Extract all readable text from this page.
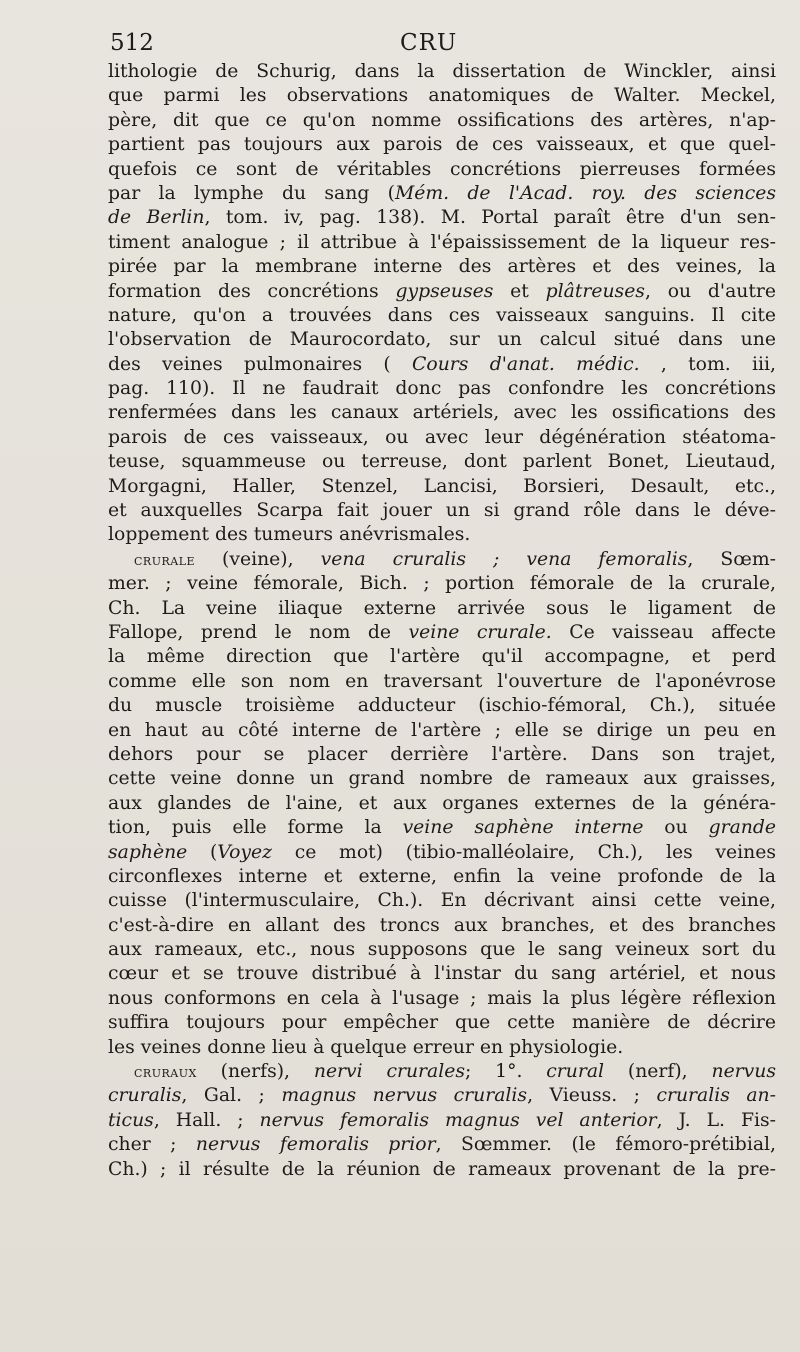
512	CRU
lithologie de Schurig, dans la dissertation de Winckler, ainsi
que parmi les observations anatomiques de Walter. Meckel,
père, dit que ce qu'on nomme ossifications des artères, n'ap-
partient pas toujours aux parois de ces vaisseaux, et que quel-
quefois ce sont de véritables concrétions pierreuses formées
par la lymphe du sang (Mém. de l'Acad. roy. des sciences
de Berlin, tom. iv, pag. 138). M. Portal paraît être d'un sen-
timent analogue ; il attribue à l'épaississement de la liqueur res-
pirée par la membrane interne des artères et des veines, la
formation des concrétions gypseuses et plâtreuses, ou d'autre
nature, qu'on a trouvées dans ces vaisseaux sanguins. Il cite
l'observation de Maurocordato, sur un calcul situé dans une
des veines pulmonaires ( Cours d'anat. médic. , tom. iii,
pag. 110). Il ne faudrait donc pas confondre les concrétions
renfermées dans les canaux artériels, avec les ossifications des
parois de ces vaisseaux, ou avec leur dégénération stéatoma-
teuse, squammeuse ou terreuse, dont parlent Bonet, Lieutaud,
Morgagni, Haller, Stenzel, Lancisi, Borsieri, Desault, etc.,
et auxquelles Scarpa fait jouer un si grand rôle dans le déve-
loppement des tumeurs anévrismales.
crurale (veine), vena cruralis ; vena femoralis, Sœm-
mer. ; veine fémorale, Bich. ; portion fémorale de la crurale,
Ch. La veine iliaque externe arrivée sous le ligament de
Fallope, prend le nom de veine crurale. Ce vaisseau affecte
la même direction que l'artère qu'il accompagne, et perd
comme elle son nom en traversant l'ouverture de l'aponévrose
du muscle troisième adducteur (ischio-fémoral, Ch.), située
en haut au côté interne de l'artère ; elle se dirige un peu en
dehors pour se placer derrière l'artère. Dans son trajet,
cette veine donne un grand nombre de rameaux aux graisses,
aux glandes de l'aine, et aux organes externes de la généra-
tion, puis elle forme la veine saphène interne ou grande
saphène (Voyez ce mot) (tibio-malléolaire, Ch.), les veines
circonflexes interne et externe, enfin la veine profonde de la
cuisse (l'intermusculaire, Ch.). En décrivant ainsi cette veine,
c'est-à-dire en allant des troncs aux branches, et des branches
aux rameaux, etc., nous supposons que le sang veineux sort du
cœur et se trouve distribué à l'instar du sang artériel, et nous
nous conformons en cela à l'usage ; mais la plus légère réflexion
suffira toujours pour empêcher que cette manière de décrire
les veines donne lieu à quelque erreur en physiologie.
cruraux (nerfs), nervi crurales; 1°. crural (nerf), nervus
cruralis, Gal. ; magnus nervus cruralis, Vieuss. ; cruralis an-
ticus, Hall. ; nervus femoralis magnus vel anterior, J. L. Fis-
cher ; nervus femoralis prior, Sœmmer. (le fémoro-prétibial,
Ch.) ; il résulte de la réunion de rameaux provenant de la pre-
